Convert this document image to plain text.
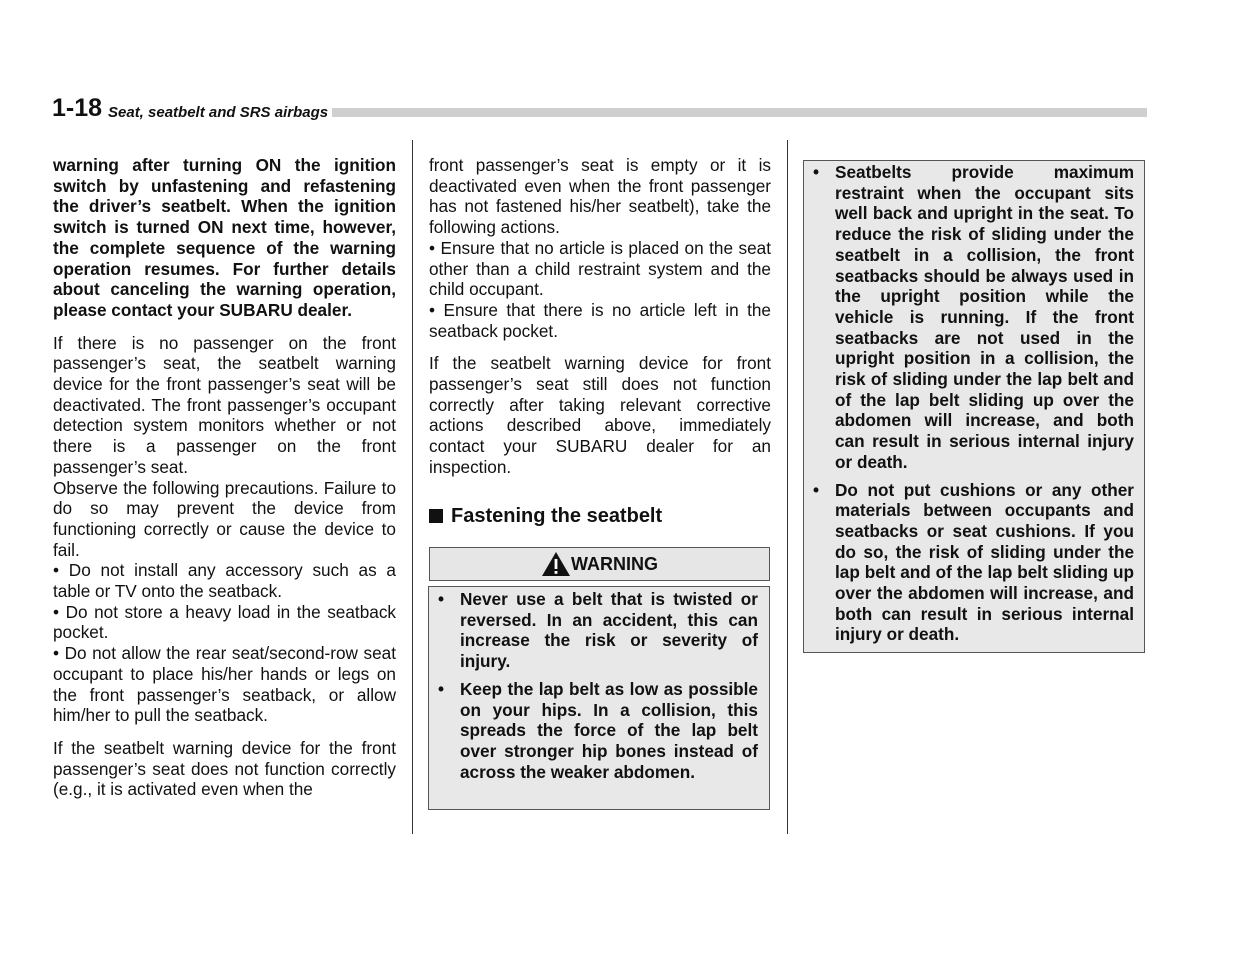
1-18 Seat, seatbelt and SRS airbags

warning after turning ON the ignition switch by unfastening and refastening the driver’s seatbelt. When the ignition switch is turned ON next time, however, the complete sequence of the warning operation resumes. For further details about canceling the warning operation, please contact your SUBARU dealer.

If there is no passenger on the front passenger’s seat, the seatbelt warning device for the front passenger’s seat will be deactivated. The front passenger’s occupant detection system monitors whether or not there is a passenger on the front passenger’s seat.

Observe the following precautions. Failure to do so may prevent the device from functioning correctly or cause the device to fail.

• Do not install any accessory such as a table or TV onto the seatback.

• Do not store a heavy load in the seatback pocket.

• Do not allow the rear seat/second-row seat occupant to place his/her hands or legs on the front passenger’s seatback, or allow him/her to pull the seatback.

If the seatbelt warning device for the front passenger’s seat does not function correctly (e.g., it is activated even when the

front passenger’s seat is empty or it is deactivated even when the front passenger has not fastened his/her seatbelt), take the following actions.

• Ensure that no article is placed on the seat other than a child restraint system and the child occupant.

• Ensure that there is no article left in the seatback pocket.

If the seatbelt warning device for front passenger’s seat still does not function correctly after taking relevant corrective actions described above, immediately contact your SUBARU dealer for an inspection.

Fastening the seatbelt
WARNING
• Never use a belt that is twisted or reversed. In an accident, this can increase the risk or severity of injury.
• Keep the lap belt as low as possible on your hips. In a collision, this spreads the force of the lap belt over stronger hip bones instead of across the weaker abdomen.
• Seatbelts provide maximum restraint when the occupant sits well back and upright in the seat. To reduce the risk of sliding under the seatbelt in a collision, the front seatbacks should be always used in the upright position while the vehicle is running. If the front seatbacks are not used in the upright position in a collision, the risk of sliding under the lap belt and of the lap belt sliding up over the abdomen will increase, and both can result in serious internal injury or death.
• Do not put cushions or any other materials between occupants and seatbacks or seat cushions. If you do so, the risk of sliding under the lap belt and of the lap belt sliding up over the abdomen will increase, and both can result in serious internal injury or death.
